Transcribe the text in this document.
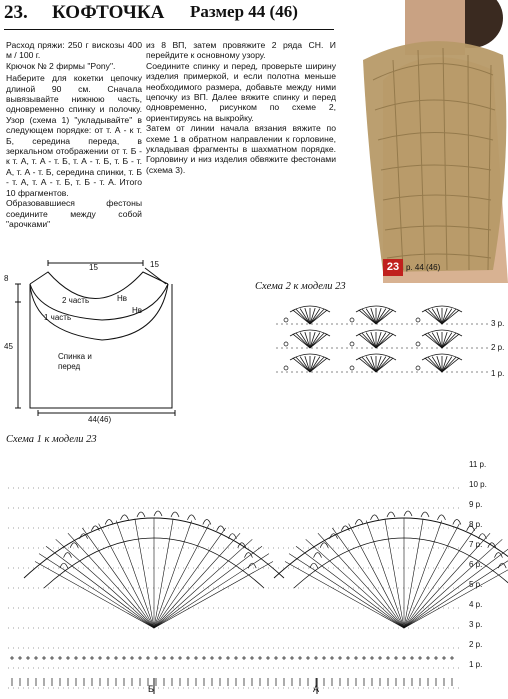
23. КОФТОЧКА Размер 44 (46)

Расход пряжи: 250 г вискозы 400 м / 100 г.

Крючок № 2 фирмы "Pony".

Наберите для кокетки цепочку длиной 90 см. Сначала вывязывайте нижнюю часть, одновременно спинку и полочку. Узор (схема 1) "укладывайте" в следующем порядке: от т. А - к т. Б, середина переда, в зеркальном отображении от т. Б - к т. А, т. А - т. Б, т. А - т. Б, т. Б - т. А, т. А - т. Б, середина спинки, т. Б - т. А, т. А - т. Б, т. Б - т. А. Итого 10 фрагментов.

Образовавшиеся фестоны соедините между собой "арочками"

из 8 ВП, затем провяжите 2 ряда СН. И перейдите к основному узору.

Соедините спинку и перед, проверьте ширину изделия примеркой, и если полотна меньше необходимого размера, добавьте между ними цепочку из ВП. Далее вяжите спинку и перед одновременно, рисунком по схеме 2, ориентируясь на выкройку.

Затем от линии начала вязания вяжите по схеме 1 в обратном направлении к горловине, укладывая фрагменты в шахматном порядке. Горловину и низ изделия обвяжите фестонами (схема 3).

23 р. 44 (46)
15	15
8
45
44(46)
2 часть
1 часть
Нв
Нв
Спинка и перед
Схема 2 к модели 23
3 р.
2 р.
1 р.
Схема 1 к модели 23
11 р.
10 р.
9 р.
8 р.
7 р.
6 р.
5 р.
4 р.
3 р.
2 р.
1 р.
Б	А
